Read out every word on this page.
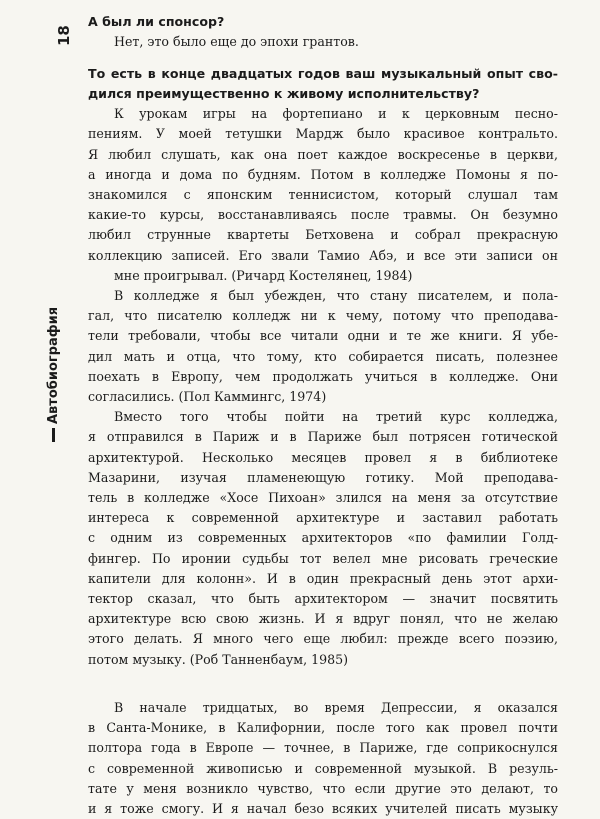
18
Автобиография

А был ли спонсор?

Нет, это было еще до эпохи грантов.

То есть в конце двадцатых годов ваш музыкальный опыт сво-
дился преимущественно к живому исполнительству?

К урокам игры на фортепиано и к церковным песно-
пениям. У моей тетушки Мардж было красивое контральто.
Я любил слушать, как она поет каждое воскресенье в церкви,
а иногда и дома по будням. Потом в колледже Помоны я по-
знакомился с японским теннисистом, который слушал там
какие-то курсы, восстанавливаясь после травмы. Он безумно
любил струнные квартеты Бетховена и собрал прекрасную
коллекцию записей. Его звали Тамио Абэ, и все эти записи он
мне проигрывал. (Ричард Костелянец, 1984)

В колледже я был убежден, что стану писателем, и пола-
гал, что писателю колледж ни к чему, потому что преподава-
тели требовали, чтобы все читали одни и те же книги. Я убе-
дил мать и отца, что тому, кто собирается писать, полезнее
поехать в Европу, чем продолжать учиться в колледже. Они
согласились. (Пол Каммингс, 1974)

Вместо того чтобы пойти на третий курс колледжа,
я отправился в Париж и в Париже был потрясен готической
архитектурой. Несколько месяцев провел я в библиотеке
Мазарини, изучая пламенеющую готику. Мой преподава-
тель в колледже «Хосе Пихоан» злился на меня за отсутствие
интереса к современной архитектуре и заставил работать
с одним из современных архитекторов «по фамилии Голд-
фингер. По иронии судьбы тот велел мне рисовать греческие
капители для колонн». И в один прекрасный день этот архи-
тектор сказал, что быть архитектором — значит посвятить
архитектуре всю свою жизнь. И я вдруг понял, что не желаю
этого делать. Я много чего еще любил: прежде всего поэзию,
потом музыку. (Роб Танненбаум, 1985)

В начале тридцатых, во время Депрессии, я оказался
в Санта-Монике, в Калифорнии, после того как провел почти
полтора года в Европе — точнее, в Париже, где соприкоснулся
с современной живописью и современной музыкой. В резуль-
тате у меня возникло чувство, что если другие это делают, то
и я тоже смогу. И я начал безо всяких учителей писать музыку
